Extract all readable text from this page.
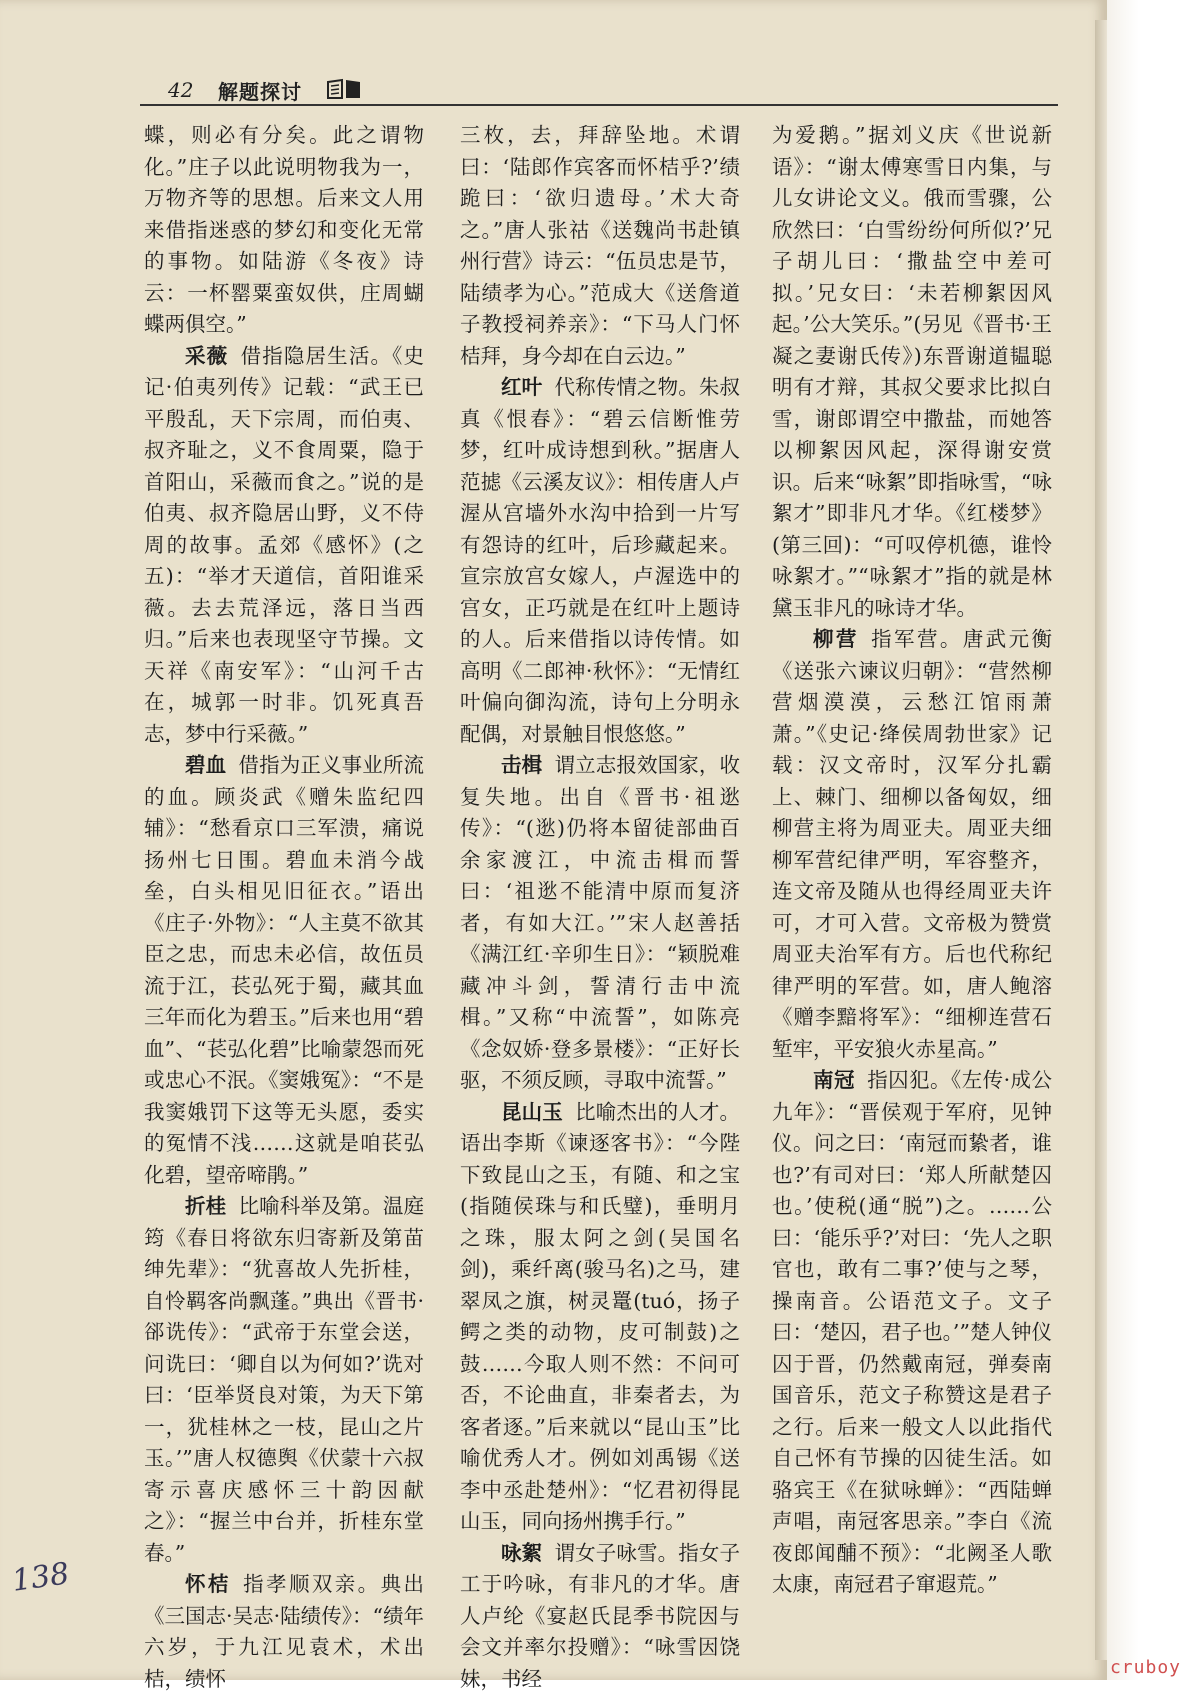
42 解题探讨

蝶，则必有分矣。此之谓物化。”庄子以此说明物我为一，万物齐等的思想。后来文人用来借指迷惑的梦幻和变化无常的事物。如陆游《冬夜》诗云：一杯罂粟蛮奴供，庄周蝴蝶两俱空。”

采薇 借指隐居生活。《史记·伯夷列传》记载：“武王已平殷乱，天下宗周，而伯夷、叔齐耻之，义不食周粟，隐于首阳山，采薇而食之。”说的是伯夷、叔齐隐居山野，义不侍周的故事。孟郊《感怀》(之五)：“举才天道信，首阳谁采薇。去去荒泽远，落日当西归。”后来也表现坚守节操。文天祥《南安军》：“山河千古在，城郭一时非。饥死真吾志，梦中行采薇。”

碧血 借指为正义事业所流的血。顾炎武《赠朱监纪四辅》：“愁看京口三军溃，痛说扬州七日围。碧血未消今战垒，白头相见旧征衣。”语出《庄子·外物》：“人主莫不欲其臣之忠，而忠未必信，故伍员流于江，苌弘死于蜀，藏其血三年而化为碧玉。”后来也用“碧血”、“苌弘化碧”比喻蒙怨而死或忠心不泯。《窦娥冤》：“不是我窦娥罚下这等无头愿，委实的冤情不浅……这就是咱苌弘化碧，望帝啼鹃。”

折桂 比喻科举及第。温庭筠《春日将欲东归寄新及第苗绅先辈》：“犹喜故人先折桂，自怜羁客尚飘蓬。”典出《晋书·郤诜传》：“武帝于东堂会送，问诜曰：‘卿自以为何如?’诜对曰：‘臣举贤良对策，为天下第一，犹桂林之一枝，昆山之片玉。’”唐人权德舆《伏蒙十六叔寄示喜庆感怀三十韵因献之》：“握兰中台并，折桂东堂春。”

怀桔 指孝顺双亲。典出《三国志·吴志·陆绩传》：“绩年六岁，于九江见袁术，术出桔，绩怀

三枚，去，拜辞坠地。术谓曰：‘陆郎作宾客而怀桔乎?’绩跪曰：‘欲归遗母。’术大奇之。”唐人张祜《送魏尚书赴镇州行营》诗云：“伍员忠是节，陆绩孝为心。”范成大《送詹道子教授祠养亲》：“下马人门怀桔拜，身今却在白云边。”

红叶 代称传情之物。朱叔真《恨春》：“碧云信断惟劳梦，红叶成诗想到秋。”据唐人范摅《云溪友议》：相传唐人卢渥从宫墙外水沟中拾到一片写有怨诗的红叶，后珍藏起来。宣宗放宫女嫁人，卢渥选中的宫女，正巧就是在红叶上题诗的人。后来借指以诗传情。如高明《二郎神·秋怀》：“无情红叶偏向御沟流，诗句上分明永配偶，对景触目恨悠悠。”

击楫 谓立志报效国家，收复失地。出自《晋书·祖逖传》：“(逖)仍将本留徒部曲百余家渡江，中流击楫而誓曰：‘祖逖不能清中原而复济者，有如大江。’”宋人赵善括《满江红·辛卯生日》：“颖脱难藏冲斗剑，誓清行击中流楫。”又称“中流誓”，如陈亮《念奴娇·登多景楼》：“正好长驱，不须反顾，寻取中流誓。”

昆山玉 比喻杰出的人才。语出李斯《谏逐客书》：“今陛下致昆山之玉，有随、和之宝(指随侯珠与和氏璧)，垂明月之珠，服太阿之剑(吴国名剑)，乘纤离(骏马名)之马，建翠凤之旗，树灵鼍(tuó，扬子鳄之类的动物，皮可制鼓)之鼓……今取人则不然：不问可否，不论曲直，非秦者去，为客者逐。”后来就以“昆山玉”比喻优秀人才。例如刘禹锡《送李中丞赴楚州》：“忆君初得昆山玉，同向扬州携手行。”

咏絮 谓女子咏雪。指女子工于吟咏，有非凡的才华。唐人卢纶《宴赵氏昆季书院因与会文并率尔投赠》：“咏雪因饶妹，书经

为爱鹅。”据刘义庆《世说新语》：“谢太傅寒雪日内集，与儿女讲论文义。俄而雪骤，公欣然曰：‘白雪纷纷何所似?’兄子胡儿曰：‘撒盐空中差可拟。’兄女曰：‘未若柳絮因风起。’公大笑乐。”(另见《晋书·王凝之妻谢氏传》)东晋谢道韫聪明有才辩，其叔父要求比拟白雪，谢郎谓空中撒盐，而她答以柳絮因风起，深得谢安赏识。后来“咏絮”即指咏雪，“咏絮才”即非凡才华。《红楼梦》(第三回)：“可叹停机德，谁怜咏絮才。”“咏絮才”指的就是林黛玉非凡的咏诗才华。

柳营 指军营。唐武元衡《送张六谏议归朝》：“营然柳营烟漠漠，云愁江馆雨萧萧。”《史记·绛侯周勃世家》记载：汉文帝时，汉军分扎霸上、棘门、细柳以备匈奴，细柳营主将为周亚夫。周亚夫细柳军营纪律严明，军容整齐，连文帝及随从也得经周亚夫许可，才可入营。文帝极为赞赏周亚夫治军有方。后也代称纪律严明的军营。如，唐人鲍溶《赠李黯将军》：“细柳连营石堑牢，平安狼火赤星高。”

南冠 指囚犯。《左传·成公九年》：“晋侯观于军府，见钟仪。问之曰：‘南冠而絷者，谁也?’有司对曰：‘郑人所献楚囚也。’使税(通“脱”)之。……公曰：‘能乐乎?’对曰：‘先人之职官也，敢有二事?’使与之琴，操南音。公语范文子。文子曰：‘楚囚，君子也。’”楚人钟仪囚于晋，仍然戴南冠，弹奏南国音乐，范文子称赞这是君子之行。后来一般文人以此指代自己怀有节操的囚徒生活。如骆宾王《在狱咏蝉》：“西陆蝉声唱，南冠客思亲。”李白《流夜郎闻酺不预》：“北阙圣人歌太康，南冠君子窜遐荒。”

138
cruboy
